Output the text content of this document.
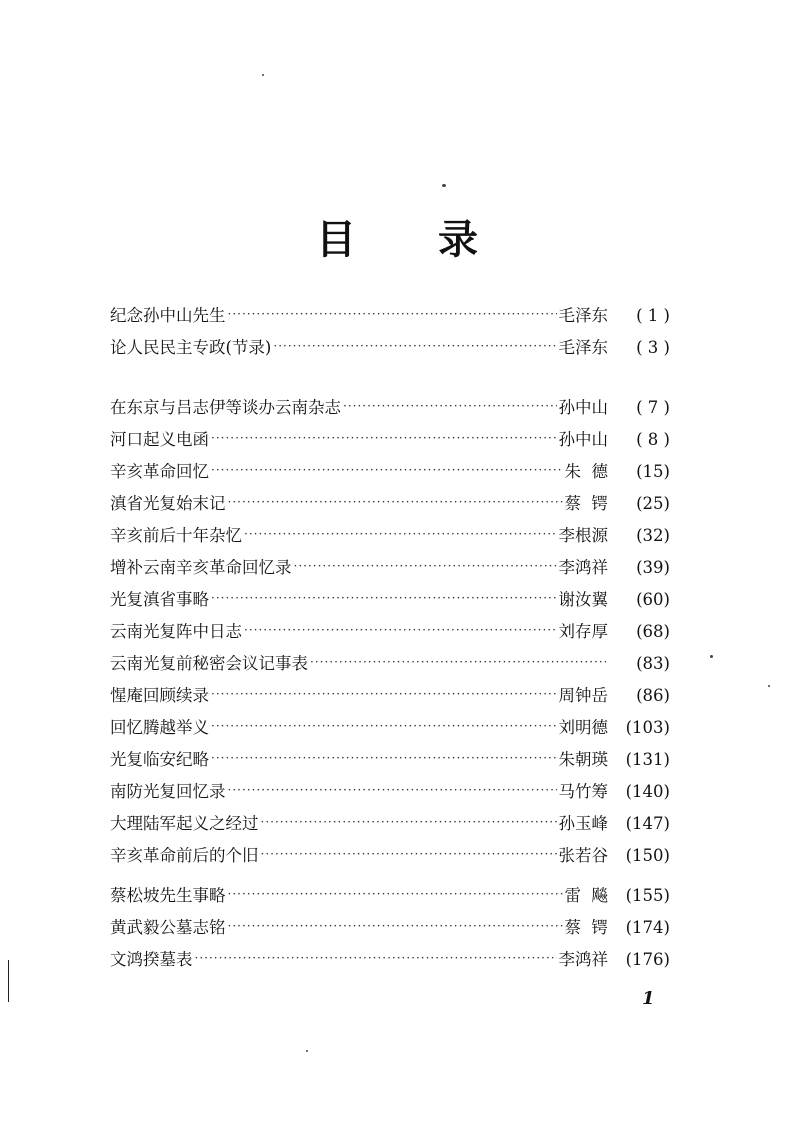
目 录
纪念孙中山先生 ·····	毛泽东	( 1 )
论人民民主专政(节录) ·····	毛泽东	( 3 )
在东京与吕志伊等谈办云南杂志 ·····	孙中山	( 7 )
河口起义电函 ·····	孙中山	( 8 )
辛亥革命回忆 ·····	朱  德	(15)
滇省光复始末记 ·····	蔡  锷	(25)
辛亥前后十年杂忆 ·····	李根源	(32)
增补云南辛亥革命回忆录 ·····	李鸿祥	(39)
光复滇省事略 ·····	谢汝翼	(60)
云南光复阵中日志 ·····	刘存厚	(68)
云南光复前秘密会议记事表 ·····	(83)
惺庵回顾续录 ·····	周钟岳	(86)
回忆腾越举义 ·····	刘明德	(103)
光复临安纪略 ·····	朱朝瑛	(131)
南防光复回忆录 ·····	马竹筹	(140)
大理陆军起义之经过 ·····	孙玉峰	(147)
辛亥革命前后的个旧 ·····	张若谷	(150)
蔡松坡先生事略 ·····	雷  飚	(155)
黄武毅公墓志铭 ·····	蔡  锷	(174)
文鸿揆墓表 ·····	李鸿祥	(176)
1
